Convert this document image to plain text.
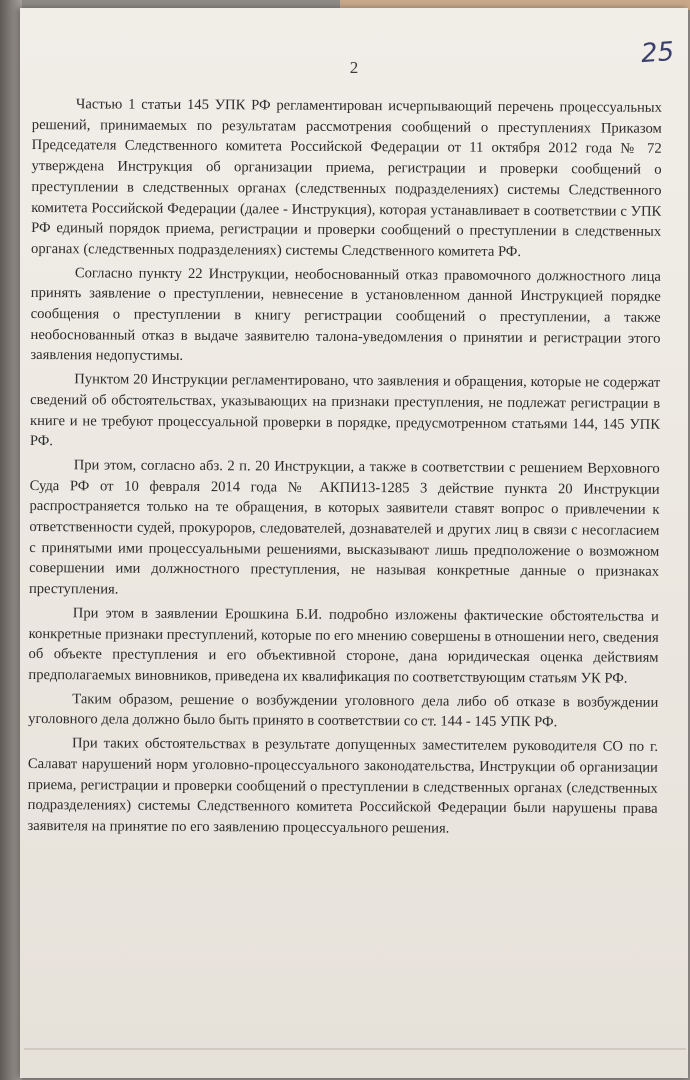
2	25

Частью 1 статьи 145 УПК РФ регламентирован исчерпывающий перечень процессуальных решений, принимаемых по результатам рассмотрения сообщений о преступлениях Приказом Председателя Следственного комитета Российской Федерации от 11 октября 2012 года № 72 утверждена Инструкция об организации приема, регистрации и проверки сообщений о преступлении в следственных органах (следственных подразделениях) системы Следственного комитета Российской Федерации (далее - Инструкция), которая устанавливает в соответствии с УПК РФ единый порядок приема, регистрации и проверки сообщений о преступлении в следственных органах (следственных подразделениях) системы Следственного комитета РФ.

Согласно пункту 22 Инструкции, необоснованный отказ правомочного должностного лица принять заявление о преступлении, невнесение в установленном данной Инструкцией порядке сообщения о преступлении в книгу регистрации сообщений о преступлении, а также необоснованный отказ в выдаче заявителю талона-уведомления о принятии и регистрации этого заявления недопустимы.

Пунктом 20 Инструкции регламентировано, что заявления и обращения, которые не содержат сведений об обстоятельствах, указывающих на признаки преступления, не подлежат регистрации в книге и не требуют процессуальной проверки в порядке, предусмотренном статьями 144, 145 УПК РФ.

При этом, согласно абз. 2 п. 20 Инструкции, а также в соответствии с решением Верховного Суда РФ от 10 февраля 2014 года № АКПИ13-1285 3 действие пункта 20 Инструкции распространяется только на те обращения, в которых заявители ставят вопрос о привлечении к ответственности судей, прокуроров, следователей, дознавателей и других лиц в связи с несогласием с принятыми ими процессуальными решениями, высказывают лишь предположение о возможном совершении ими должностного преступления, не называя конкретные данные о признаках преступления.

При этом в заявлении Ерошкина Б.И. подробно изложены фактические обстоятельства и конкретные признаки преступлений, которые по его мнению совершены в отношении него, сведения об объекте преступления и его объективной стороне, дана юридическая оценка действиям предполагаемых виновников, приведена их квалификация по соответствующим статьям УК РФ.

Таким образом, решение о возбуждении уголовного дела либо об отказе в возбуждении уголовного дела должно было быть принято в соответствии со ст. 144 - 145 УПК РФ.

При таких обстоятельствах в результате допущенных заместителем руководителя СО по г. Салават нарушений норм уголовно-процессуального законодательства, Инструкции об организации приема, регистрации и проверки сообщений о преступлении в следственных органах (следственных подразделениях) системы Следственного комитета Российской Федерации были нарушены права заявителя на принятие по его заявлению процессуального решения.
